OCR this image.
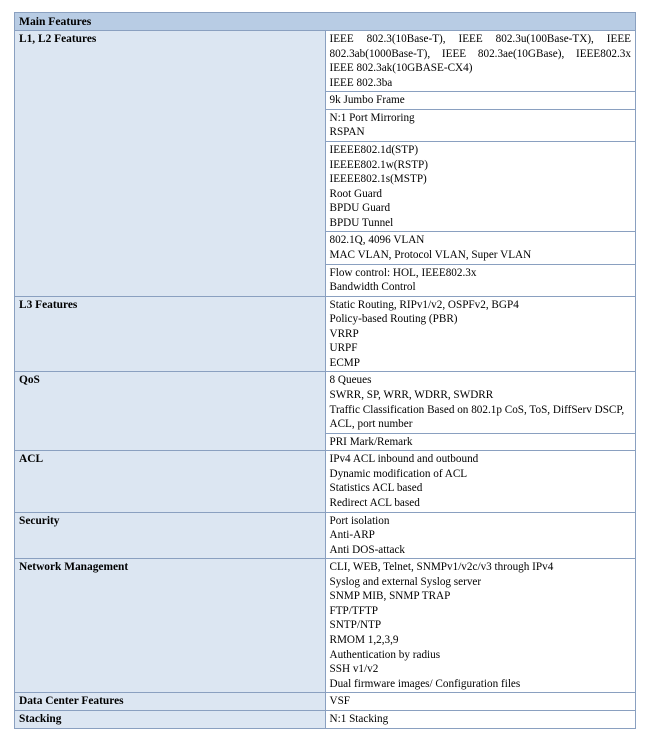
Main Features	
L1, L2 Features	IEEE 802.3(10Base-T), IEEE 802.3u(100Base-TX), IEEE 802.3ab(1000Base-T), IEEE 802.3ae(10GBase), IEEE802.3x
IEEE 802.3ak(10GBASE-CX4)
IEEE 802.3ba

	9k Jumbo Frame

	N:1 Port Mirroring
RSPAN

IEEEE802.1d(STP)
IEEEE802.1w(RSTP)
IEEEE802.1s(MSTP)
Root Guard
BPDU Guard
BPDU Tunnel

	802.1Q, 4096 VLAN
MAC VLAN, Protocol VLAN, Super VLAN

	Flow control: HOL, IEEE802.3x
Bandwidth Control

L3 Features	Static Routing, RIPv1/v2, OSPFv2, BGP4
Policy-based Routing (PBR)
VRRP
URPF
ECMP

QoS	8 Queues
SWRR, SP, WRR, WDRR, SWDRR
Traffic Classification Based on 802.1p CoS, ToS, DiffServ DSCP, ACL, port number

	PRI Mark/Remark

ACL	IPv4 ACL inbound and outbound
Dynamic modification of ACL
Statistics ACL based
Redirect ACL based

Security	Port isolation
Anti-ARP
Anti DOS-attack

Network Management	CLI, WEB, Telnet, SNMPv1/v2c/v3 through IPv4
Syslog and external Syslog server
SNMP MIB, SNMP TRAP
FTP/TFTP
SNTP/NTP
RMOM 1,2,3,9
Authentication by radius
SSH v1/v2
Dual firmware images/ Configuration files

Data Center Features	VSF

Stacking	N:1 Stacking
